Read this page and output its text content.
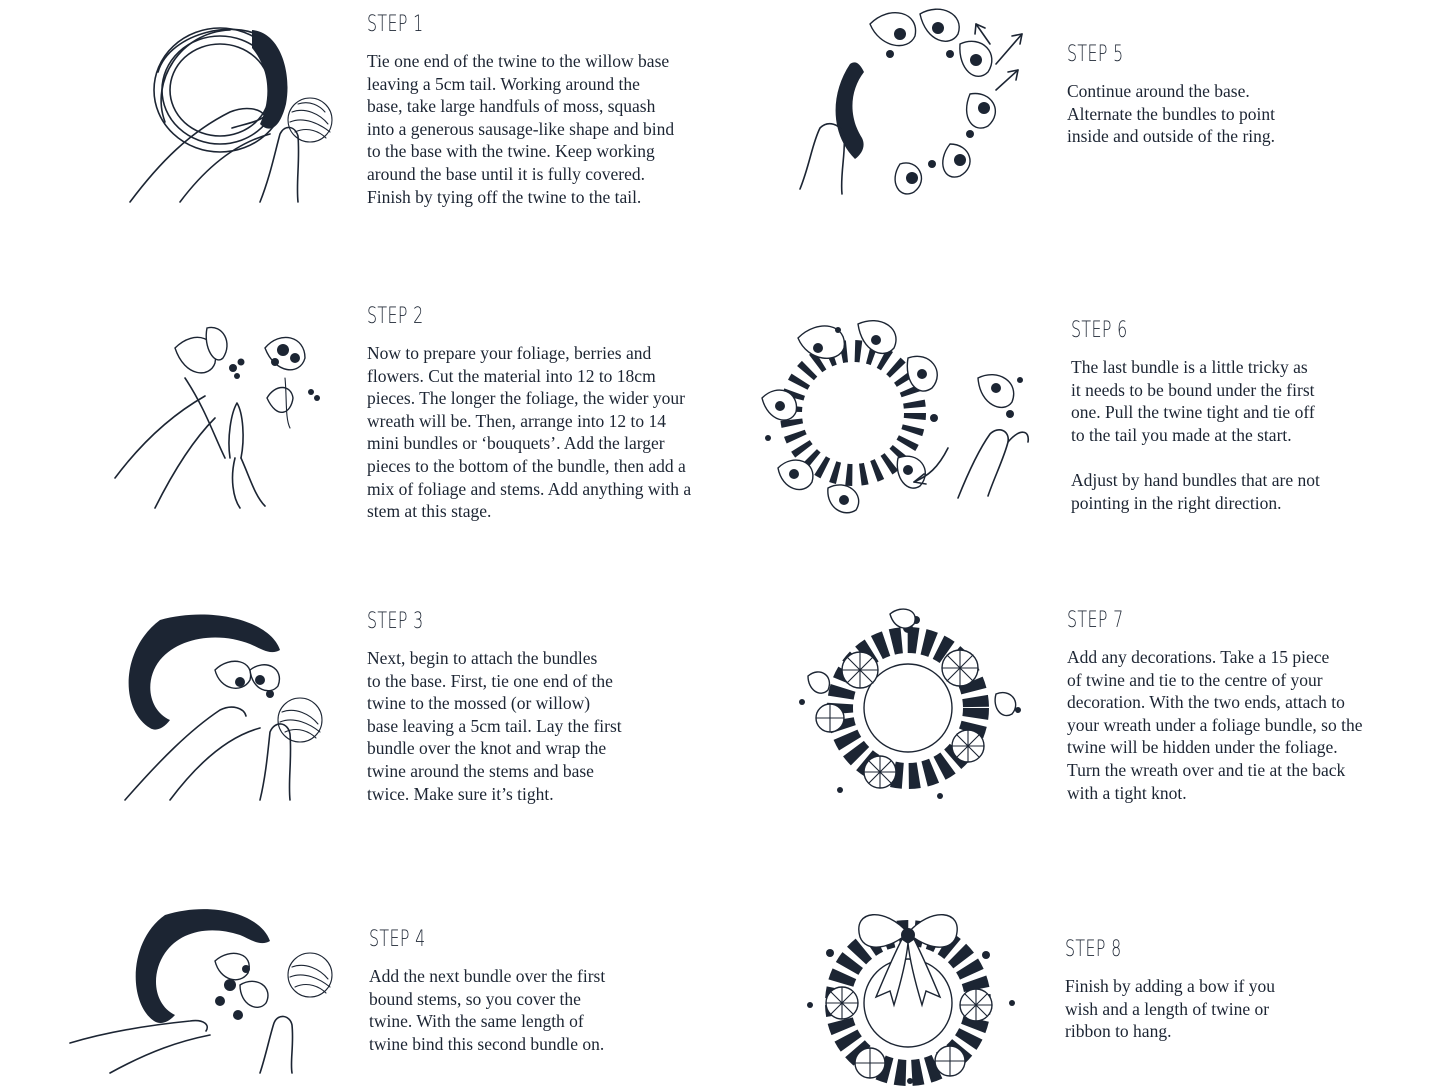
STEP 1

Tie one end of the twine to the willow base
leaving a 5cm tail. Working around the
base, take large handfuls of moss, squash
into a generous sausage-like shape and bind
to the base with the twine. Keep working
around the base until it is fully covered.
Finish by tying off the twine to the tail.

STEP 2

Now to prepare your foliage, berries and
flowers. Cut the material into 12 to 18cm
pieces. The longer the foliage, the wider your
wreath will be. Then, arrange into 12 to 14
mini bundles or ‘bouquets’. Add the larger
pieces to the bottom of the bundle, then add a
mix of foliage and stems. Add anything with a
stem at this stage.

STEP 3

Next, begin to attach the bundles
to the base. First, tie one end of the
twine to the mossed (or willow)
base leaving a 5cm tail. Lay the first
bundle over the knot and wrap the
twine around the stems and base
twice. Make sure it’s tight.

STEP 4

Add the next bundle over the first
bound stems, so you cover the
twine. With the same length of
twine bind this second bundle on.

STEP 5

Continue around the base.
Alternate the bundles to point
inside and outside of the ring.

STEP 6

The last bundle is a little tricky as
it needs to be bound under the first
one. Pull the twine tight and tie off
to the tail you made at the start.
Adjust by hand bundles that are not
pointing in the right direction.

STEP 7

Add any decorations. Take a 15 piece
of twine and tie to the centre of your
decoration. With the two ends, attach to
your wreath under a foliage bundle, so the
twine will be hidden under the foliage.
Turn the wreath over and tie at the back
with a tight knot.

STEP 8

Finish by adding a bow if you
wish and a length of twine or
ribbon to hang.
